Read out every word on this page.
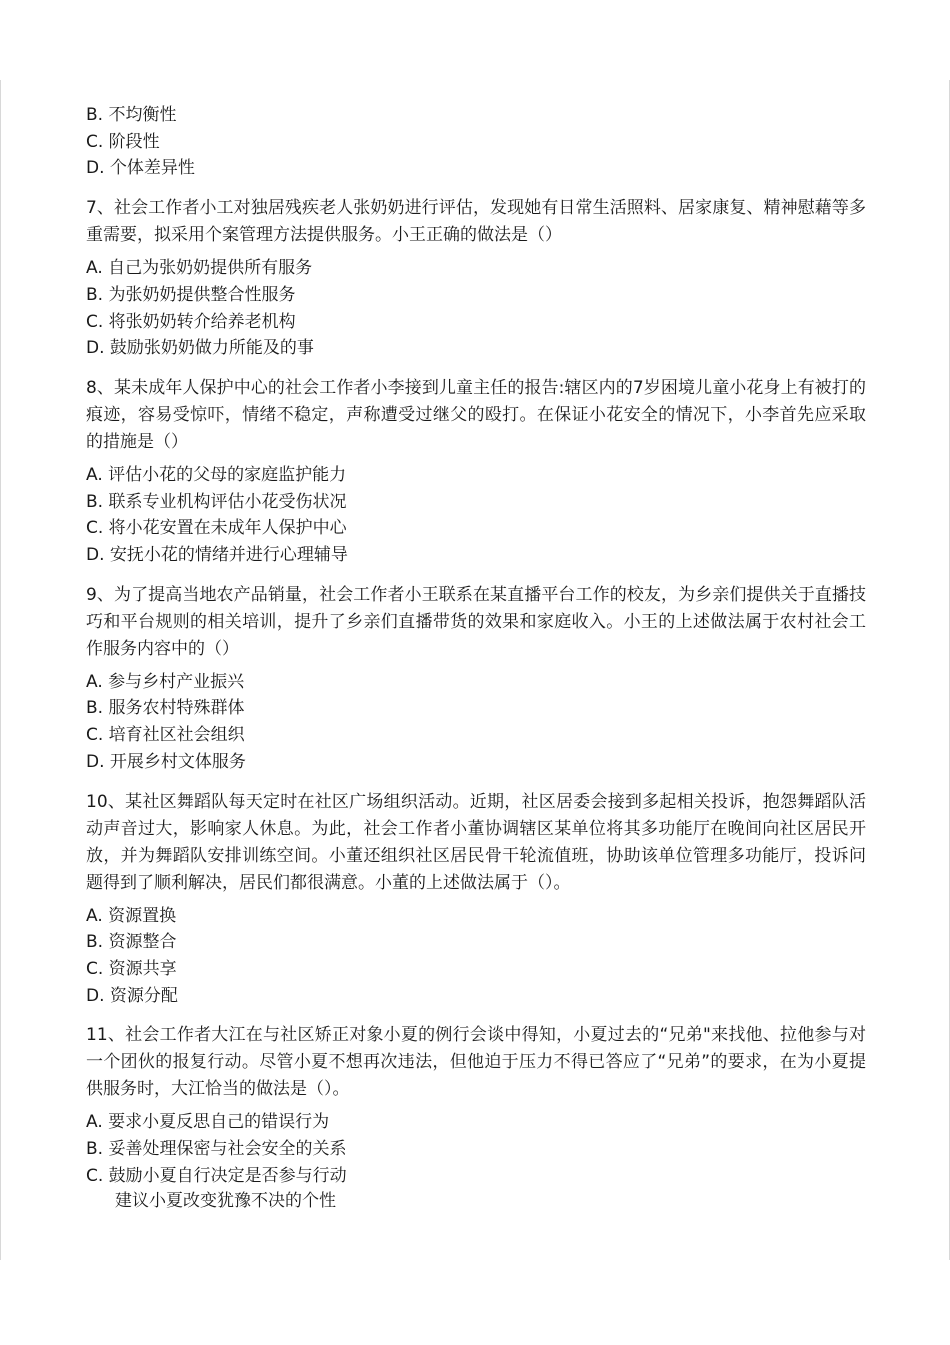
B. 不均衡性
C. 阶段性
D. 个体差异性
7、社会工作者小工对独居残疾老人张奶奶进行评估，发现她有日常生活照料、居家康复、精神慰藉等多重需要，拟采用个案管理方法提供服务。小王正确的做法是（）
A. 自己为张奶奶提供所有服务
B. 为张奶奶提供整合性服务
C. 将张奶奶转介给养老机构
D. 鼓励张奶奶做力所能及的事
8、某未成年人保护中心的社会工作者小李接到儿童主任的报告:辖区内的7岁困境儿童小花身上有被打的痕迹，容易受惊吓，情绪不稳定，声称遭受过继父的殴打。在保证小花安全的情况下，小李首先应采取的措施是（）
A. 评估小花的父母的家庭监护能力
B. 联系专业机构评估小花受伤状况
C. 将小花安置在未成年人保护中心
D. 安抚小花的情绪并进行心理辅导
9、为了提高当地农产品销量，社会工作者小王联系在某直播平台工作的校友，为乡亲们提供关于直播技巧和平台规则的相关培训，提升了乡亲们直播带货的效果和家庭收入。小王的上述做法属于农村社会工作服务内容中的（）
A. 参与乡村产业振兴
B. 服务农村特殊群体
C. 培育社区社会组织
D. 开展乡村文体服务
10、某社区舞蹈队每天定时在社区广场组织活动。近期，社区居委会接到多起相关投诉，抱怨舞蹈队活动声音过大，影响家人休息。为此，社会工作者小董协调辖区某单位将其多功能厅在晚间向社区居民开放，并为舞蹈队安排训练空间。小董还组织社区居民骨干轮流值班，协助该单位管理多功能厅，投诉问题得到了顺利解决，居民们都很满意。小董的上述做法属于（）。
A. 资源置换
B. 资源整合
C. 资源共享
D. 资源分配
11、社会工作者大江在与社区矫正对象小夏的例行会谈中得知，小夏过去的“兄弟"来找他、拉他参与对一个团伙的报复行动。尽管小夏不想再次违法，但他迫于压力不得已答应了“兄弟”的要求，在为小夏提供服务时，大江恰当的做法是（）。
A. 要求小夏反思自己的错误行为
B. 妥善处理保密与社会安全的关系
C. 鼓励小夏自行决定是否参与行动
建议小夏改变犹豫不决的个性
